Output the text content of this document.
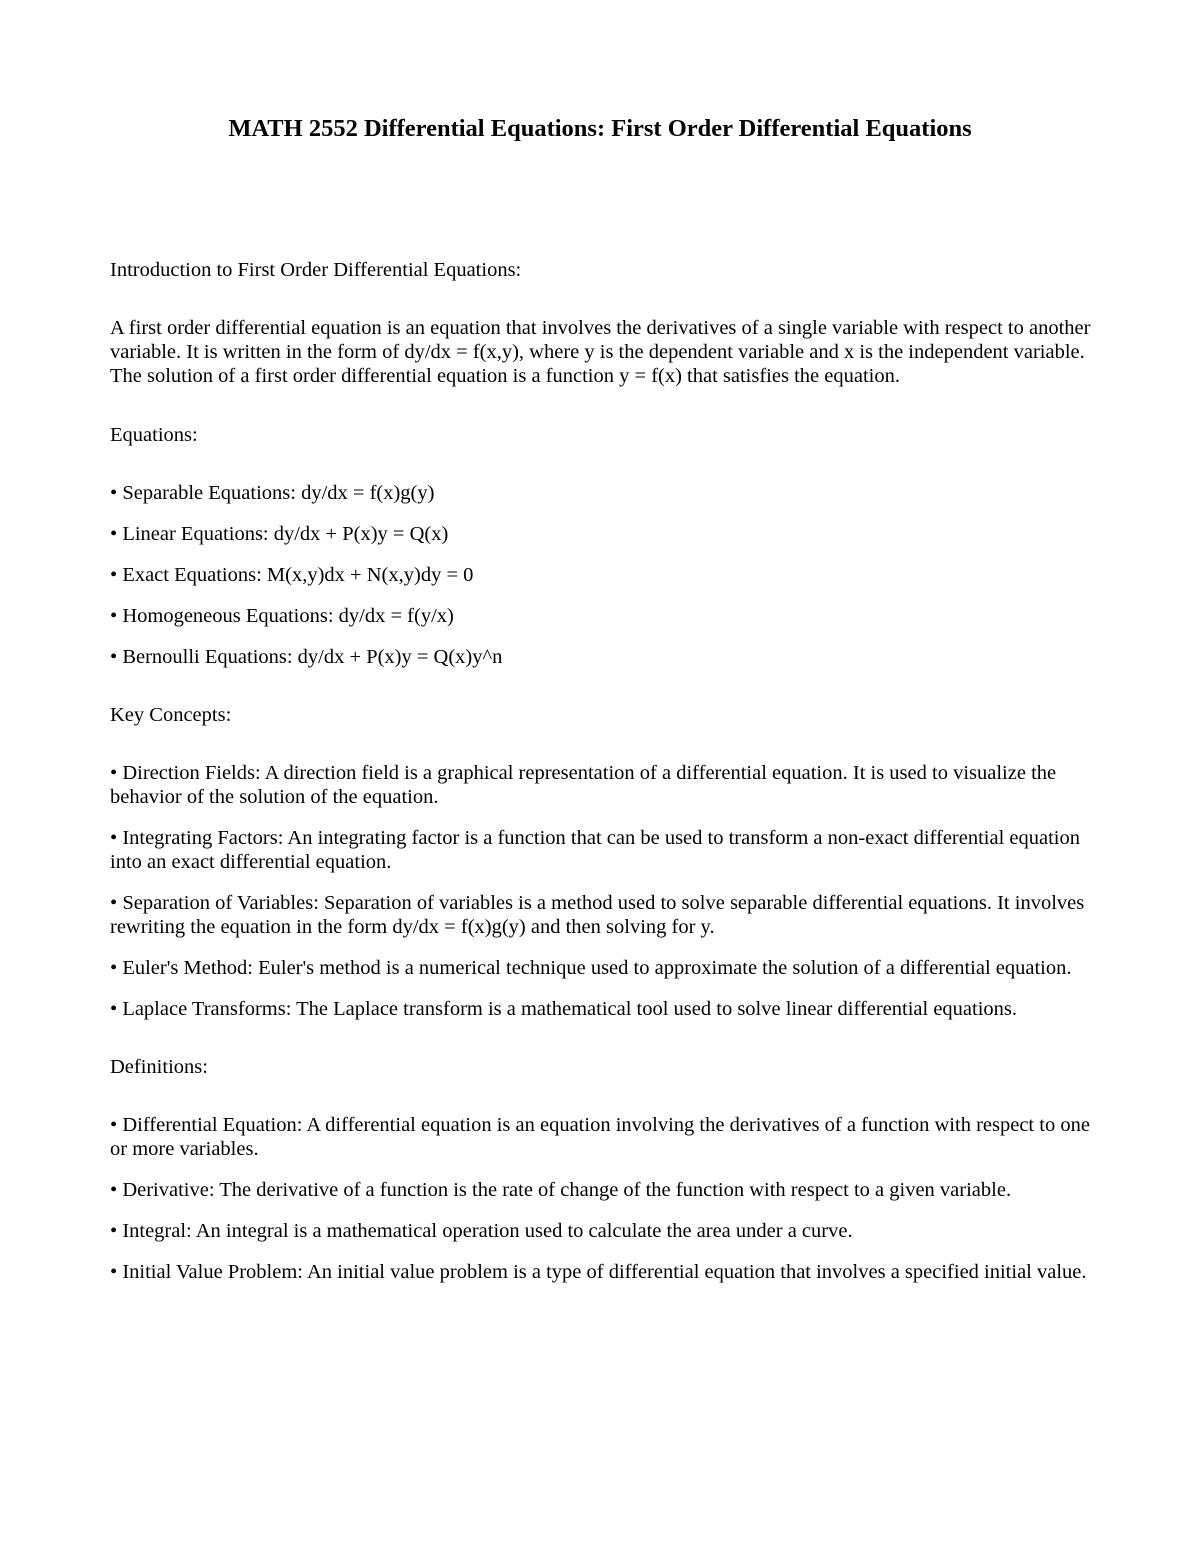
MATH 2552 Differential Equations: First Order Differential Equations

Introduction to First Order Differential Equations:

A first order differential equation is an equation that involves the derivatives of a single variable with respect to another variable. It is written in the form of dy/dx = f(x,y), where y is the dependent variable and x is the independent variable. The solution of a first order differential equation is a function y = f(x) that satisfies the equation.

Equations:

• Separable Equations: dy/dx = f(x)g(y)
• Linear Equations: dy/dx + P(x)y = Q(x)
• Exact Equations: M(x,y)dx + N(x,y)dy = 0
• Homogeneous Equations: dy/dx = f(y/x)
• Bernoulli Equations: dy/dx + P(x)y = Q(x)y^n

Key Concepts:

• Direction Fields: A direction field is a graphical representation of a differential equation. It is used to visualize the behavior of the solution of the equation.
• Integrating Factors: An integrating factor is a function that can be used to transform a non-exact differential equation into an exact differential equation.
• Separation of Variables: Separation of variables is a method used to solve separable differential equations. It involves rewriting the equation in the form dy/dx = f(x)g(y) and then solving for y.
• Euler's Method: Euler's method is a numerical technique used to approximate the solution of a differential equation.
• Laplace Transforms: The Laplace transform is a mathematical tool used to solve linear differential equations.

Definitions:

• Differential Equation: A differential equation is an equation involving the derivatives of a function with respect to one or more variables.
• Derivative: The derivative of a function is the rate of change of the function with respect to a given variable.
• Integral: An integral is a mathematical operation used to calculate the area under a curve.
• Initial Value Problem: An initial value problem is a type of differential equation that involves a specified initial value.
